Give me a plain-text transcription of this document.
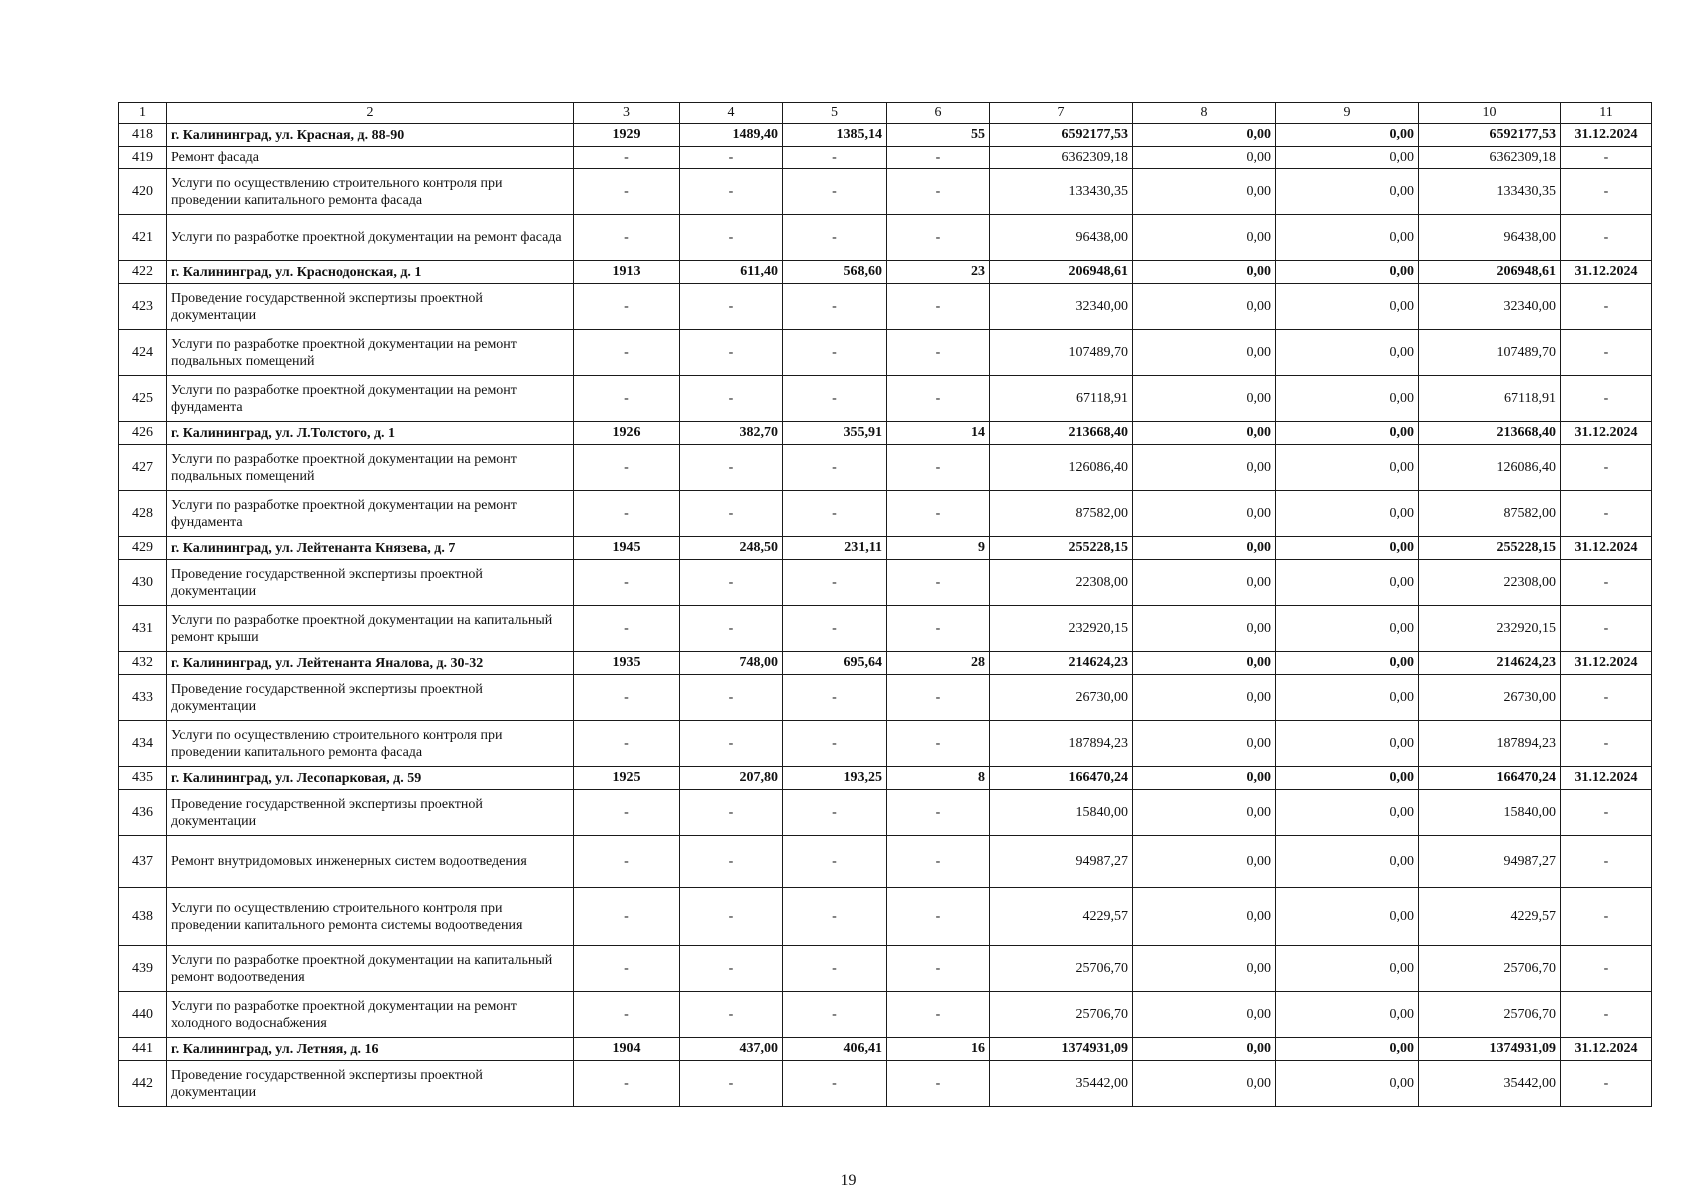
1	2	3	4	5	6	7	8	9	10	11
418	г. Калининград, ул. Красная, д. 88-90	1929	1489,40	1385,14	55	6592177,53	0,00	0,00	6592177,53	31.12.2024
419	Ремонт фасада	-	-	-	-	6362309,18	0,00	0,00	6362309,18	-
420	Услуги по осуществлению строительного контроля при проведении капитального ремонта фасада	-	-	-	-	133430,35	0,00	0,00	133430,35	-
421	Услуги по разработке проектной документации на ремонт фасада	-	-	-	-	96438,00	0,00	0,00	96438,00	-
422	г. Калининград, ул. Краснодонская, д. 1	1913	611,40	568,60	23	206948,61	0,00	0,00	206948,61	31.12.2024
423	Проведение государственной экспертизы проектной документации	-	-	-	-	32340,00	0,00	0,00	32340,00	-
424	Услуги по разработке проектной документации на ремонт подвальных помещений	-	-	-	-	107489,70	0,00	0,00	107489,70	-
425	Услуги по разработке проектной документации на ремонт фундамента	-	-	-	-	67118,91	0,00	0,00	67118,91	-
426	г. Калининград, ул. Л.Толстого, д. 1	1926	382,70	355,91	14	213668,40	0,00	0,00	213668,40	31.12.2024
427	Услуги по разработке проектной документации на ремонт подвальных помещений	-	-	-	-	126086,40	0,00	0,00	126086,40	-
428	Услуги по разработке проектной документации на ремонт фундамента	-	-	-	-	87582,00	0,00	0,00	87582,00	-
429	г. Калининград, ул. Лейтенанта Князева, д. 7	1945	248,50	231,11	9	255228,15	0,00	0,00	255228,15	31.12.2024
430	Проведение государственной экспертизы проектной документации	-	-	-	-	22308,00	0,00	0,00	22308,00	-
431	Услуги по разработке проектной документации на капитальный ремонт крыши	-	-	-	-	232920,15	0,00	0,00	232920,15	-
432	г. Калининград, ул. Лейтенанта Яналова, д. 30-32	1935	748,00	695,64	28	214624,23	0,00	0,00	214624,23	31.12.2024
433	Проведение государственной экспертизы проектной документации	-	-	-	-	26730,00	0,00	0,00	26730,00	-
434	Услуги по осуществлению строительного контроля при проведении капитального ремонта фасада	-	-	-	-	187894,23	0,00	0,00	187894,23	-
435	г. Калининград, ул. Лесопарковая, д. 59	1925	207,80	193,25	8	166470,24	0,00	0,00	166470,24	31.12.2024
436	Проведение государственной экспертизы проектной документации	-	-	-	-	15840,00	0,00	0,00	15840,00	-
437	Ремонт внутридомовых инженерных систем водоотведения	-	-	-	-	94987,27	0,00	0,00	94987,27	-
438	Услуги по осуществлению строительного контроля при проведении капитального ремонта системы водоотведения	-	-	-	-	4229,57	0,00	0,00	4229,57	-
439	Услуги по разработке проектной документации на капитальный ремонт водоотведения	-	-	-	-	25706,70	0,00	0,00	25706,70	-
440	Услуги по разработке проектной документации на ремонт холодного водоснабжения	-	-	-	-	25706,70	0,00	0,00	25706,70	-
441	г. Калининград, ул. Летняя, д. 16	1904	437,00	406,41	16	1374931,09	0,00	0,00	1374931,09	31.12.2024
442	Проведение государственной экспертизы проектной документации	-	-	-	-	35442,00	0,00	0,00	35442,00	-
19
